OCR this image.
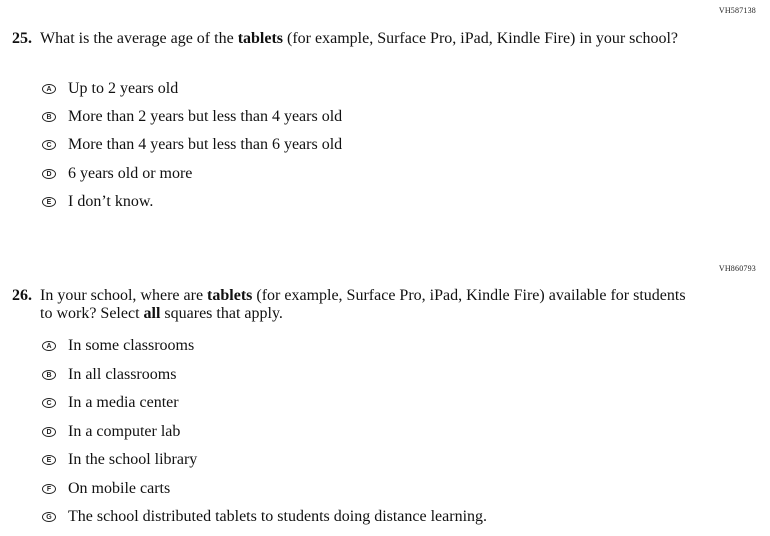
VH587138
25. What is the average age of the tablets (for example, Surface Pro, iPad, Kindle Fire) in your school?
A Up to 2 years old
B More than 2 years but less than 4 years old
C More than 4 years but less than 6 years old
D 6 years old or more
E I don’t know.
VH860793
26. In your school, where are tablets (for example, Surface Pro, iPad, Kindle Fire) available for students to work? Select all squares that apply.
A In some classrooms
B In all classrooms
C In a media center
D In a computer lab
E In the school library
F	On mobile carts
G The school distributed tablets to students doing distance learning.
